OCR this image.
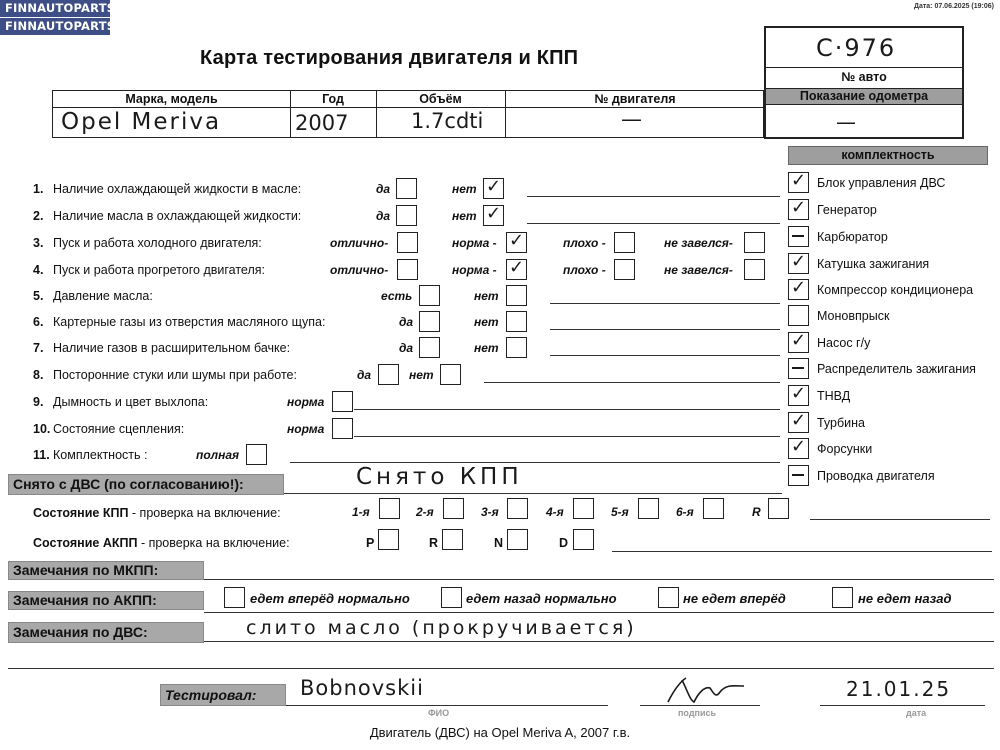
FINNAUTOPARTS
FINNAUTOPARTS
Дата: 07.06.2025 (19:06)
Карта тестирования двигателя и КПП	C·976
№ авто
Показание одометра
—
Марка, модель	Год	Объём	№ двигателя
Opel Meriva	2007	1.7cdti	—
комплектность
✓ Блок управления ДВС
✓ Генератор
Карбюратор
✓ Катушка зажигания
✓ Компрессор кондиционера
Моновпрыск
✓ Насос г/у
Распределитель зажигания
✓ ТНВД
✓ Турбина
✓ Форсунки
Проводка двигателя
1. Наличие охлаждающей жидкости в масле:	да	нет ✓
2. Наличие масла в охлаждающей жидкости:	да	нет ✓
3. Пуск и работа холодного двигателя:	отлично-	норма - ✓	плохо -	не завелся-
4. Пуск и работа прогретого двигателя:	отлично-	норма - ✓	плохо -	не завелся-
5. Давление масла:	есть	нет
6. Картерные газы из отверстия масляного щупа:	да	нет
7. Наличие газов в расширительном бачке:	да	нет
8. Посторонние стуки или шумы при работе:	да	нет
9. Дымность и цвет выхлопа:	норма
10. Состояние сцепления:	норма
11. Комплектность :	полная
Снято с ДВС (по согласованию!):	Снято КПП
Состояние КПП - проверка на включение:	1-я	2-я	3-я	4-я	5-я	6-я	R
Состояние АКПП - проверка на включение:	P	R	N	D
Замечания по МКПП:
Замечания по АКПП:	едет вперёд нормально	едет назад нормально	не едет вперёд	не едет назад
Замечания по ДВС:	слито масло (прокручивается)
Тестировал:	Bobnovskii	21.01.25
ФИО	подпись	дата
Двигатель (ДВС) на Opel Meriva A, 2007 г.в.
